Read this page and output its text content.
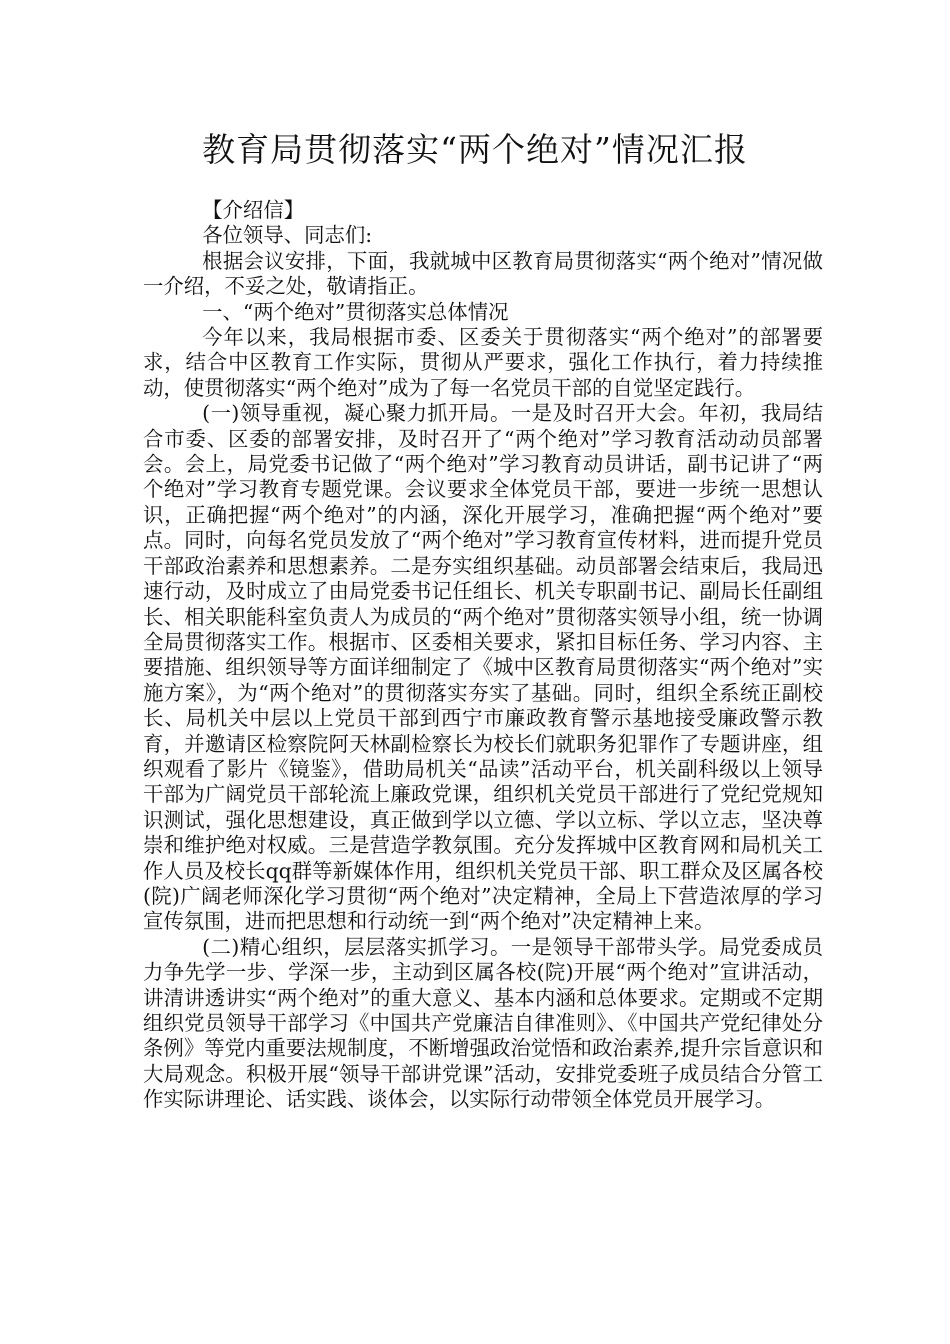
教育局贯彻落实“两个绝对”情况汇报

【介绍信】

各位领导、同志们:

根据会议安排，下面，我就城中区教育局贯彻落实“两个绝对”情况做一介绍，不妥之处，敬请指正。

一、“两个绝对”贯彻落实总体情况

今年以来，我局根据市委、区委关于贯彻落实“两个绝对”的部署要求，结合中区教育工作实际，贯彻从严要求，强化工作执行，着力持续推动，使贯彻落实“两个绝对”成为了每一名党员干部的自觉坚定践行。

(一)领导重视，凝心聚力抓开局。一是及时召开大会。年初，我局结合市委、区委的部署安排，及时召开了“两个绝对”学习教育活动动员部署会。会上，局党委书记做了“两个绝对”学习教育动员讲话，副书记讲了“两个绝对”学习教育专题党课。会议要求全体党员干部，要进一步统一思想认识，正确把握“两个绝对”的内涵，深化开展学习，准确把握“两个绝对”要点。同时，向每名党员发放了“两个绝对”学习教育宣传材料，进而提升党员干部政治素养和思想素养。二是夯实组织基础。动员部署会结束后，我局迅速行动，及时成立了由局党委书记任组长、机关专职副书记、副局长任副组长、相关职能科室负责人为成员的“两个绝对”贯彻落实领导小组，统一协调全局贯彻落实工作。根据市、区委相关要求，紧扣目标任务、学习内容、主要措施、组织领导等方面详细制定了《城中区教育局贯彻落实“两个绝对”实施方案》，为“两个绝对”的贯彻落实夯实了基础。同时，组织全系统正副校长、局机关中层以上党员干部到西宁市廉政教育警示基地接受廉政警示教育，并邀请区检察院阿天林副检察长为校长们就职务犯罪作了专题讲座，组织观看了影片《镜鉴》，借助局机关“品读”活动平台，机关副科级以上领导干部为广阔党员干部轮流上廉政党课，组织机关党员干部进行了党纪党规知识测试，强化思想建设，真正做到学以立德、学以立标、学以立志，坚决尊崇和维护绝对权威。三是营造学教氛围。充分发挥城中区教育网和局机关工作人员及校长qq群等新媒体作用，组织机关党员干部、职工群众及区属各校(院)广阔老师深化学习贯彻“两个绝对”决定精神，全局上下营造浓厚的学习宣传氛围，进而把思想和行动统一到“两个绝对”决定精神上来。

(二)精心组织，层层落实抓学习。一是领导干部带头学。局党委成员力争先学一步、学深一步，主动到区属各校(院)开展“两个绝对”宣讲活动，讲清讲透讲实“两个绝对”的重大意义、基本内涵和总体要求。定期或不定期组织党员领导干部学习《中国共产党廉洁自律准则》、《中国共产党纪律处分条例》等党内重要法规制度，不断增强政治觉悟和政治素养,提升宗旨意识和大局观念。积极开展“领导干部讲党课”活动，安排党委班子成员结合分管工作实际讲理论、话实践、谈体会，以实际行动带领全体党员开展学习。
